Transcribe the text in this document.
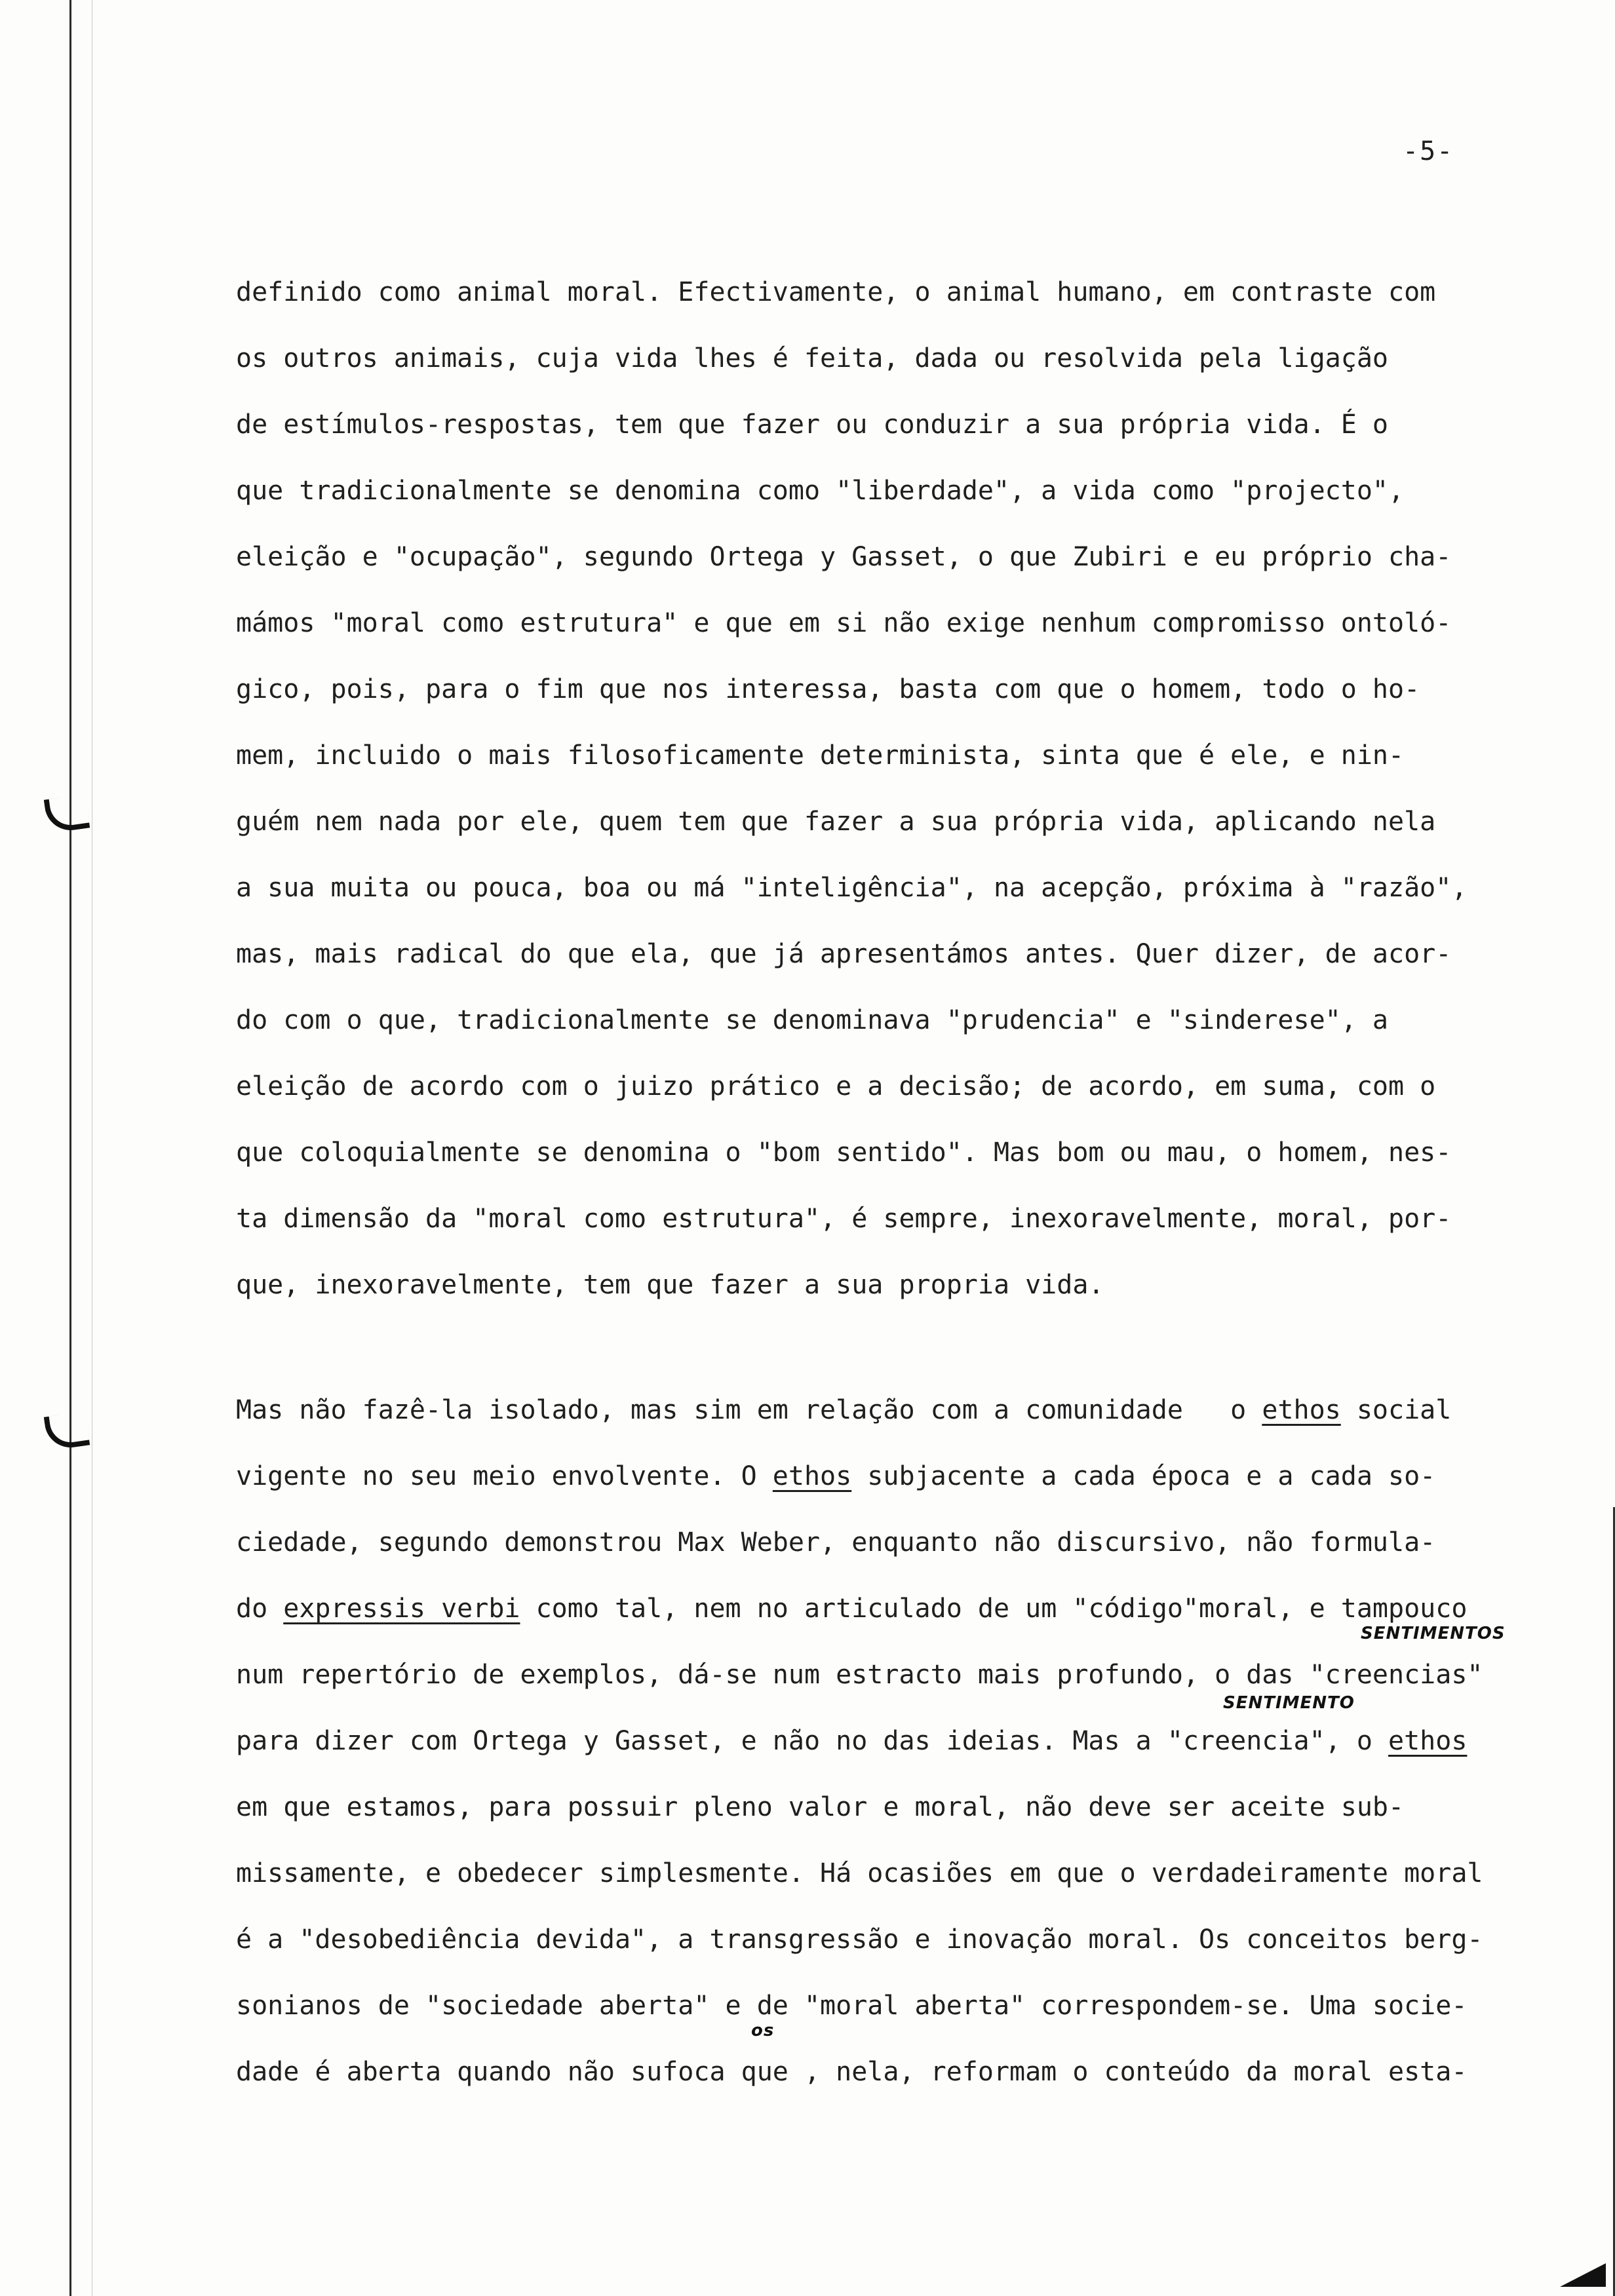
-5-
definido como animal moral. Efectivamente, o animal humano, em contraste com
os outros animais, cuja vida lhes é feita, dada ou resolvida pela ligação
de estímulos-respostas, tem que fazer ou conduzir a sua própria vida. É o
que tradicionalmente se denomina como "liberdade", a vida como "projecto",
eleição e "ocupação", segundo Ortega y Gasset, o que Zubiri e eu próprio cha-
mámos "moral como estrutura" e que em si não exige nenhum compromisso ontoló-
gico, pois, para o fim que nos interessa, basta com que o homem, todo o ho-
mem, incluido o mais filosoficamente determinista, sinta que é ele, e nin-
guém nem nada por ele, quem tem que fazer a sua própria vida, aplicando nela
a sua muita ou pouca, boa ou má "inteligência", na acepção, próxima à "razão",
mas, mais radical do que ela, que já apresentámos antes. Quer dizer, de acor-
do com o que, tradicionalmente se denominava "prudencia" e "sinderese", a
eleição de acordo com o juizo prático e a decisão; de acordo, em suma, com o
que coloquialmente se denomina o "bom sentido". Mas bom ou mau, o homem, nes-
ta dimensão da "moral como estrutura", é sempre, inexoravelmente, moral, por-
que, inexoravelmente, tem que fazer a sua propria vida.
Mas não fazê-la isolado, mas sim em relação com a comunidade   o ethos social
vigente no seu meio envolvente. O ethos subjacente a cada época e a cada so-
ciedade, segundo demonstrou Max Weber, enquanto não discursivo, não formula-
do expressis verbi como tal, nem no articulado de um "código"moral, e tampouco
num repertório de exemplos, dá-se num estracto mais profundo, o das "creencias"
para dizer com Ortega y Gasset, e não no das ideias. Mas a "creencia", o ethos
em que estamos, para possuir pleno valor e moral, não deve ser aceite sub-
missamente, e obedecer simplesmente. Há ocasiões em que o verdadeiramente moral
é a "desobediência devida", a transgressão e inovação moral. Os conceitos berg-
sonianos de "sociedade aberta" e de "moral aberta" correspondem-se. Uma socie-
dade é aberta quando não sufoca que , nela, reformam o conteúdo da moral esta-
SENTIMENTOS
SENTIMENTO
os
